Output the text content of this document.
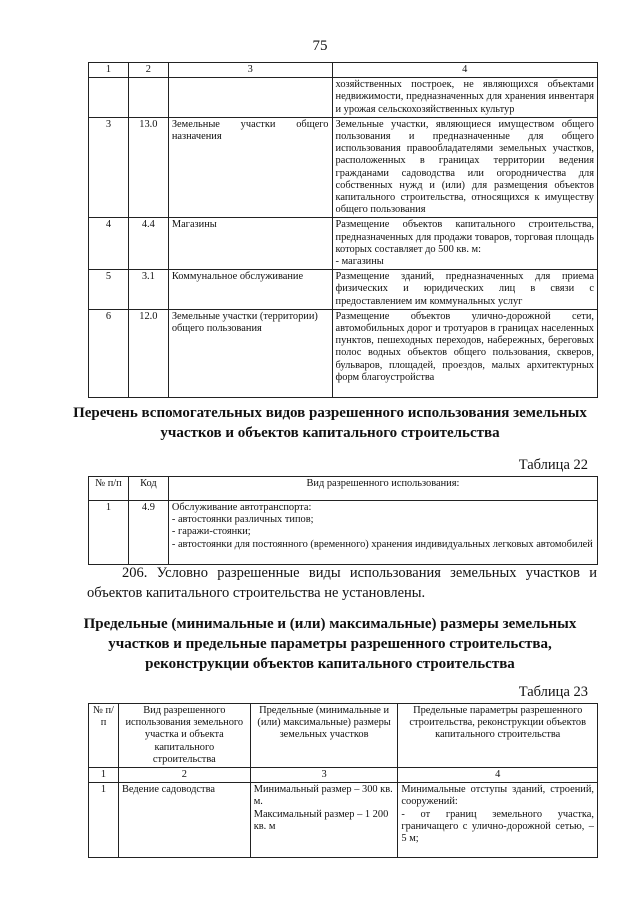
75
1	2	3	4
			хозяйственных построек, не являющихся объектами недвижимости, предназначенных для хранения инвентаря и урожая сельскохозяйственных культур
3	13.0	Земельные участки общего назначения	Земельные участки, являющиеся имуществом общего пользования и предназначенные для общего использования правообладателями земельных участков, расположенных в границах территории ведения гражданами садоводства или огородничества для собственных нужд и (или) для размещения объектов капитального строительства, относящихся к имуществу общего пользования
4	4.4	Магазины	Размещение объектов капитального строительства, предназначенных для продажи товаров, торговая площадь которых составляет до 500 кв. м:
- магазины
5	3.1	Коммунальное обслуживание	Размещение зданий, предназначенных для приема физических и юридических лиц в связи с предоставлением им коммунальных услуг
6	12.0	Земельные участки (территории) общего пользования	Размещение объектов улично-дорожной сети, автомобильных дорог и тротуаров в границах населенных пунктов, пешеходных переходов, набережных, береговых полос водных объектов общего пользования, скверов, бульваров, площадей, проездов, малых архитектурных форм благоустройства
Перечень вспомогательных видов разрешенного использования земельных участков и объектов капитального строительства
Таблица 22
№ п/п	Код	Вид разрешенного использования:
1	4.9	Обслуживание автотранспорта:
- автостоянки различных типов;
- гаражи-стоянки;
- автостоянки для постоянного (временного) хранения индивидуальных легковых автомобилей
206. Условно разрешенные виды использования земельных участков и объектов капитального строительства не установлены.
Предельные (минимальные и (или) максимальные) размеры земельных участков и предельные параметры разрешенного строительства, реконструкции объектов капитального строительства
Таблица 23
№ п/п	Вид разрешенного использования земельного участка и объекта капитального строительства	Предельные (минимальные и (или) максимальные) размеры земельных участков	Предельные параметры разрешенного строительства, реконструкции объектов капитального строительства
1	2	3	4
1	Ведение садоводства	Минимальный размер – 300 кв. м.
Максимальный размер – 1 200 кв. м	Минимальные отступы зданий, строений, сооружений:
- от границ земельного участка, граничащего с улично-дорожной сетью, – 5 м;
